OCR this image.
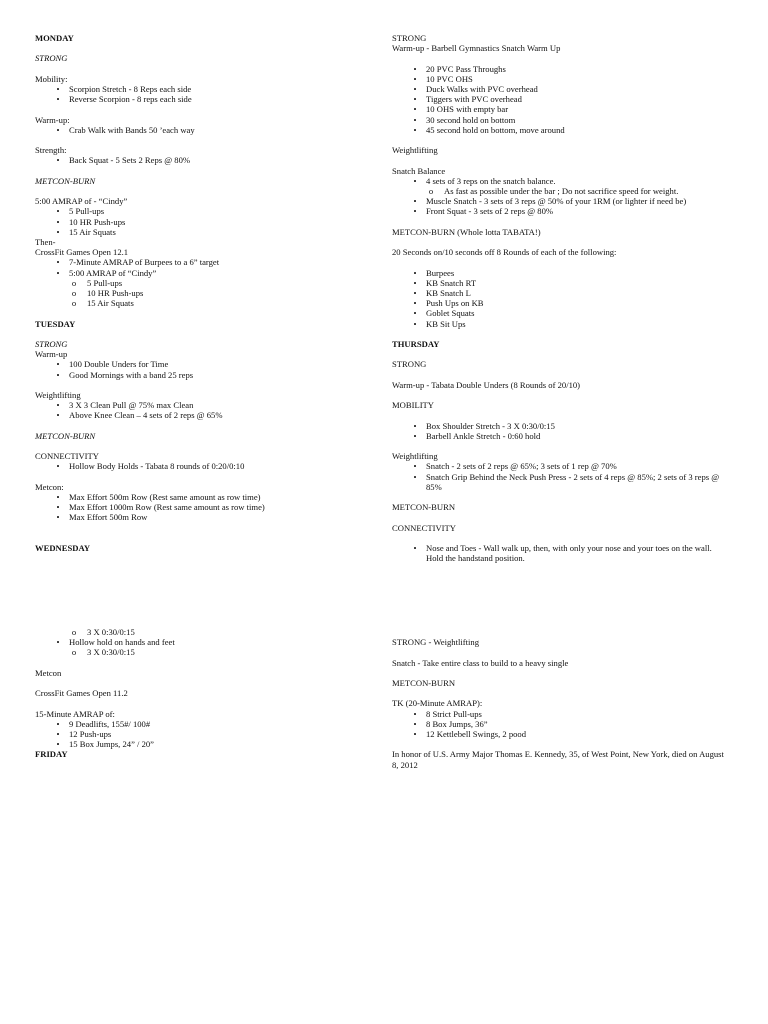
MONDAY
STRONG
Mobility:
• Scorpion Stretch - 8 Reps each side
• Reverse Scorpion - 8 reps each side
Warm-up:
• Crab Walk with Bands 50 ’each way
Strength:
• Back Squat - 5 Sets 2 Reps @ 80%
METCON-BURN
5:00 AMRAP of - “Cindy”
• 5 Pull-ups
• 10 HR Push-ups
• 15 Air Squats
Then-
CrossFit Games Open 12.1
• 7-Minute AMRAP of Burpees to a 6” target
• 5:00 AMRAP of “Cindy”
o 5 Pull-ups
o 10 HR Push-ups
o 15 Air Squats
TUESDAY
STRONG
Warm-up
• 100 Double Unders for Time
• Good Mornings with a band 25 reps
Weightlifting
• 3 X 3 Clean Pull @ 75% max Clean
• Above Knee Clean – 4 sets of 2 reps @ 65%
METCON-BURN
CONNECTIVITY
• Hollow Body Holds - Tabata 8 rounds of 0:20/0:10
Metcon:
• Max Effort 500m Row (Rest same amount as row time)
• Max Effort 1000m Row (Rest same amount as row time)
• Max Effort 500m Row
WEDNESDAY
STRONG
Warm-up - Barbell Gymnastics Snatch Warm Up
• 20 PVC Pass Throughs
• 10 PVC OHS
• Duck Walks with PVC overhead
• Tiggers with PVC overhead
• 10 OHS with empty bar
• 30 second hold on bottom
• 45 second hold on bottom, move around
Weightlifting
Snatch Balance
• 4 sets of 3 reps on the snatch balance.
o As fast as possible under the bar ; Do not sacrifice speed for weight.
• Muscle Snatch - 3 sets of 3 reps @ 50% of your 1RM (or lighter if need be)
• Front Squat - 3 sets of 2 reps @ 80%
METCON-BURN (Whole lotta TABATA!)
20 Seconds on/10 seconds off 8 Rounds of each of the following:
• Burpees
• KB Snatch RT
• KB Snatch L
• Push Ups on KB
• Goblet Squats
• KB Sit Ups
THURSDAY
STRONG
Warm-up - Tabata Double Unders (8 Rounds of 20/10)
MOBILITY
• Box Shoulder Stretch - 3 X 0:30/0:15
• Barbell Ankle Stretch - 0:60 hold
Weightlifting
• Snatch - 2 sets of 2 reps @ 65%; 3 sets of 1 rep @ 70%
• Snatch Grip Behind the Neck Push Press - 2 sets of 4 reps @ 85%; 2 sets of 3 reps @
85%
METCON-BURN
CONNECTIVITY
• Nose and Toes - Wall walk up, then, with only your nose and your toes on the wall.
Hold the handstand position.
o 3 X 0:30/0:15
• Hollow hold on hands and feet
o 3 X 0:30/0:15
Metcon
CrossFit Games Open 11.2
15-Minute AMRAP of:
• 9 Deadlifts, 155#/ 100#
• 12 Push-ups
• 15 Box Jumps, 24” / 20”
FRIDAY
STRONG - Weightlifting
Snatch - Take entire class to build to a heavy single
METCON-BURN
TK (20-Minute AMRAP):
• 8 Strict Pull-ups
• 8 Box Jumps, 36”
• 12 Kettlebell Swings, 2 pood
In honor of U.S. Army Major Thomas E. Kennedy, 35, of West Point, New York, died on August
8, 2012
